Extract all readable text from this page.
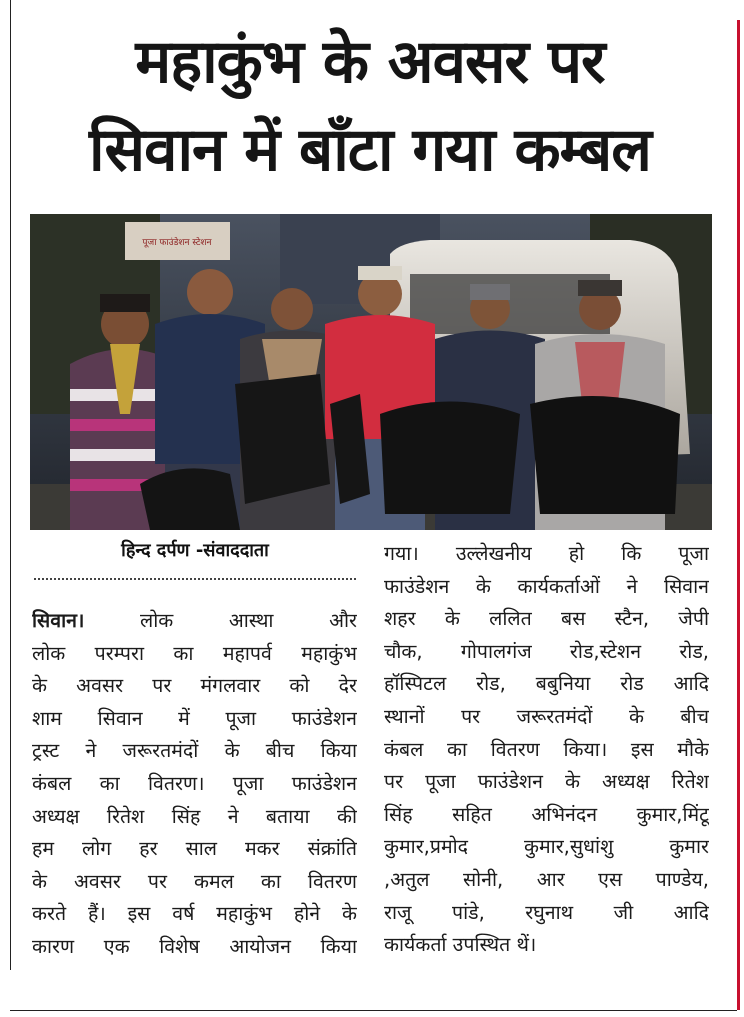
महाकुंभ के अवसर पर
सिवान में बाँटा गया कम्बल
पूजा फाउंडेशन स्टेशन
हिन्द दर्पण -संवाददाता
सिवान।	लोक आस्था और
लोक परम्परा का महापर्व महाकुंभ
के अवसर पर मंगलवार को देर
शाम सिवान में पूजा फाउंडेशन
ट्रस्ट ने जरूरतमंदों के बीच किया
कंबल का वितरण। पूजा फाउंडेशन
अध्यक्ष रितेश सिंह ने बताया की
हम लोग हर साल मकर संक्रांति
के अवसर पर कमल का वितरण
करते हैं। इस वर्ष महाकुंभ होने के
कारण एक विशेष आयोजन किया
गया। उल्लेखनीय हो कि पूजा
फाउंडेशन के कार्यकर्ताओं ने सिवान
शहर के ललित बस स्टैन, जेपी
चौक, गोपालगंज रोड,स्टेशन रोड,
हॉस्पिटल रोड, बबुनिया रोड आदि
स्थानों पर जरूरतमंदों के बीच
कंबल का वितरण किया। इस मौके
पर पूजा फाउंडेशन के अध्यक्ष रितेश
सिंह सहित अभिनंदन कुमार,मिंटू
कुमार,प्रमोद कुमार,सुधांशु कुमार
,अतुल सोनी, आर एस पाण्डेय,
राजू पांडे, रघुनाथ जी आदि
कार्यकर्ता उपस्थित थें।
